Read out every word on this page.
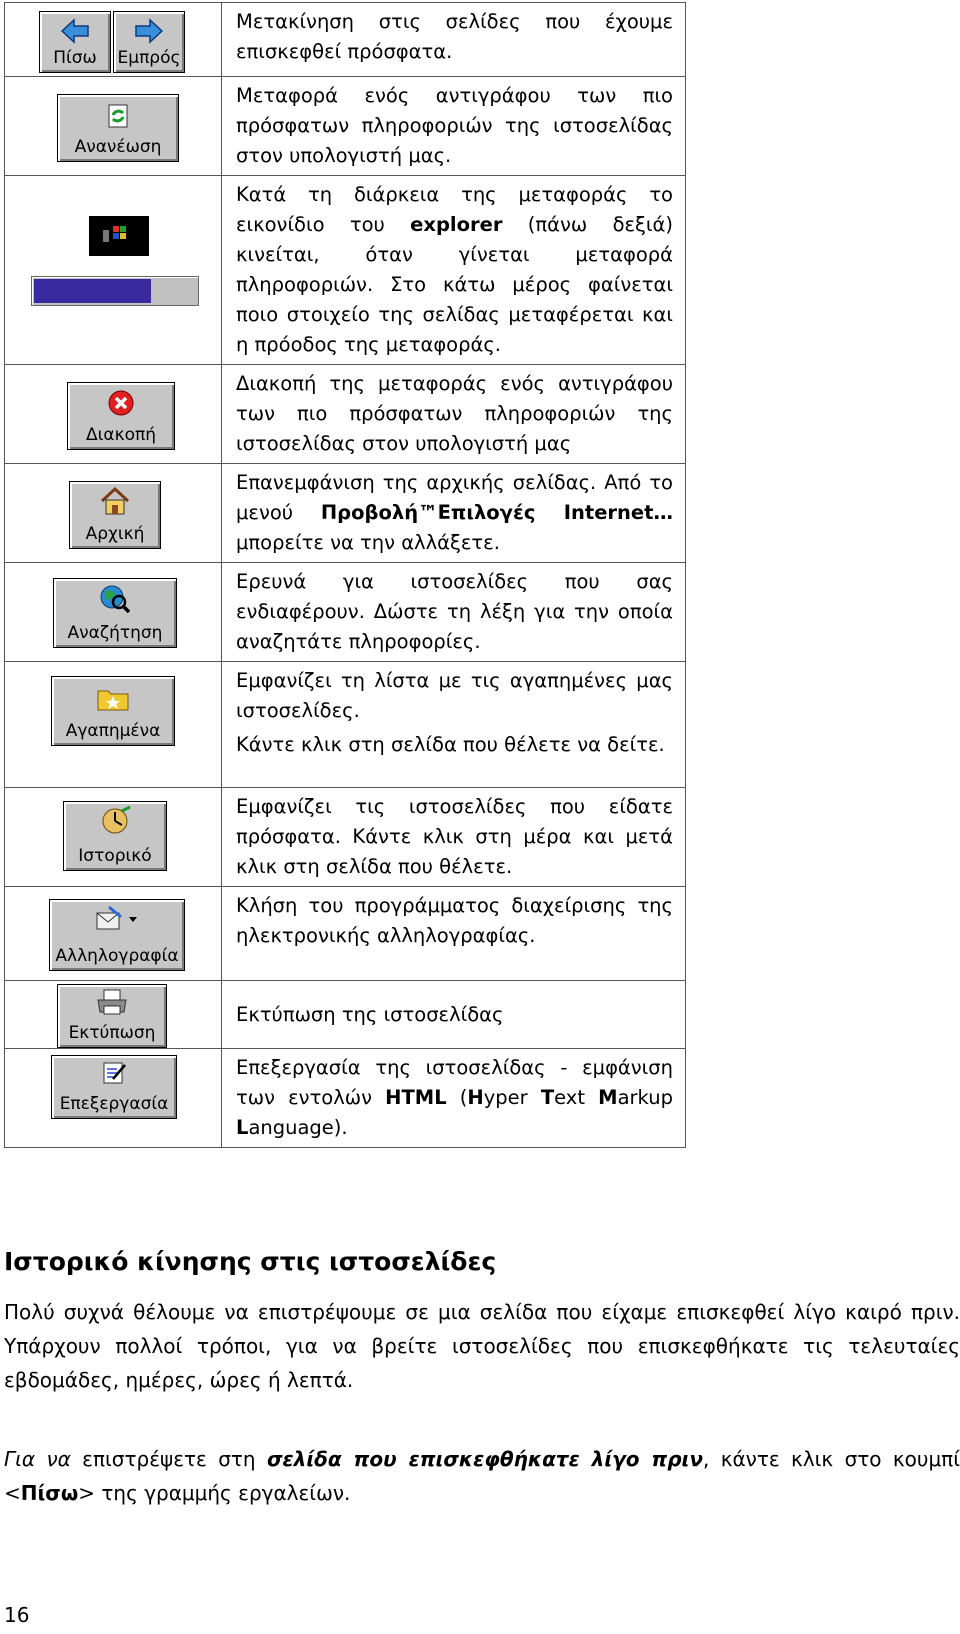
Πίσω Εμπρός	Μετακίνηση στις σελίδες που έχουμε επισκεφθεί πρόσφατα.

Ανανέωση	Μεταφορά ενός αντιγράφου των πιο πρόσφατων πληροφοριών της ιστοσελίδας στον υπολογιστή μας.

	Κατά τη διάρκεια της μεταφοράς το εικονίδιο του explorer (πάνω δεξιά) κινείται, όταν γίνεται μεταφορά πληροφοριών. Στο κάτω μέρος φαίνεται ποιο στοιχείο της σελίδας μεταφέρεται και η πρόοδος της μεταφοράς.

Διακοπή	Διακοπή της μεταφοράς ενός αντιγράφου των πιο πρόσφατων πληροφοριών της ιστοσελίδας στον υπολογιστή μας

Αρχική	Επανεμφάνιση της αρχικής σελίδας. Από το μενού Προβολή™Επιλογές Internet… μπορείτε να την αλλάξετε.

Αναζήτηση	Ερευνά για ιστοσελίδες που σας ενδιαφέρουν. Δώστε τη λέξη για την οποία αναζητάτε πληροφορίες.

Αγαπημένα	Εμφανίζει τη λίστα με τις αγαπημένες μας ιστοσελίδες.
Κάντε κλικ στη σελίδα που θέλετε να δείτε.

Ιστορικό	Εμφανίζει τις ιστοσελίδες που είδατε πρόσφατα. Κάντε κλικ στη μέρα και μετά κλικ στη σελίδα που θέλετε.

Αλληλογραφία	Κλήση του προγράμματος διαχείρισης της ηλεκτρονικής αλληλογραφίας.

Εκτύπωση	Εκτύπωση της ιστοσελίδας

Επεξεργασία	Επεξεργασία της ιστοσελίδας - εμφάνιση των εντολών HTML (Hyper Text Markup Language).
Ιστορικό κίνησης στις ιστοσελίδες

Πολύ συχνά θέλουμε να επιστρέψουμε σε μια σελίδα που είχαμε επισκεφθεί λίγο καιρό πριν. Υπάρχουν πολλοί τρόποι, για να βρείτε ιστοσελίδες που επισκεφθήκατε τις τελευταίες εβδομάδες, ημέρες, ώρες ή λεπτά.

Για να επιστρέψετε στη σελίδα που επισκεφθήκατε λίγο πριν, κάντε κλικ στο κουμπί <Πίσω> της γραμμής εργαλείων.

16
